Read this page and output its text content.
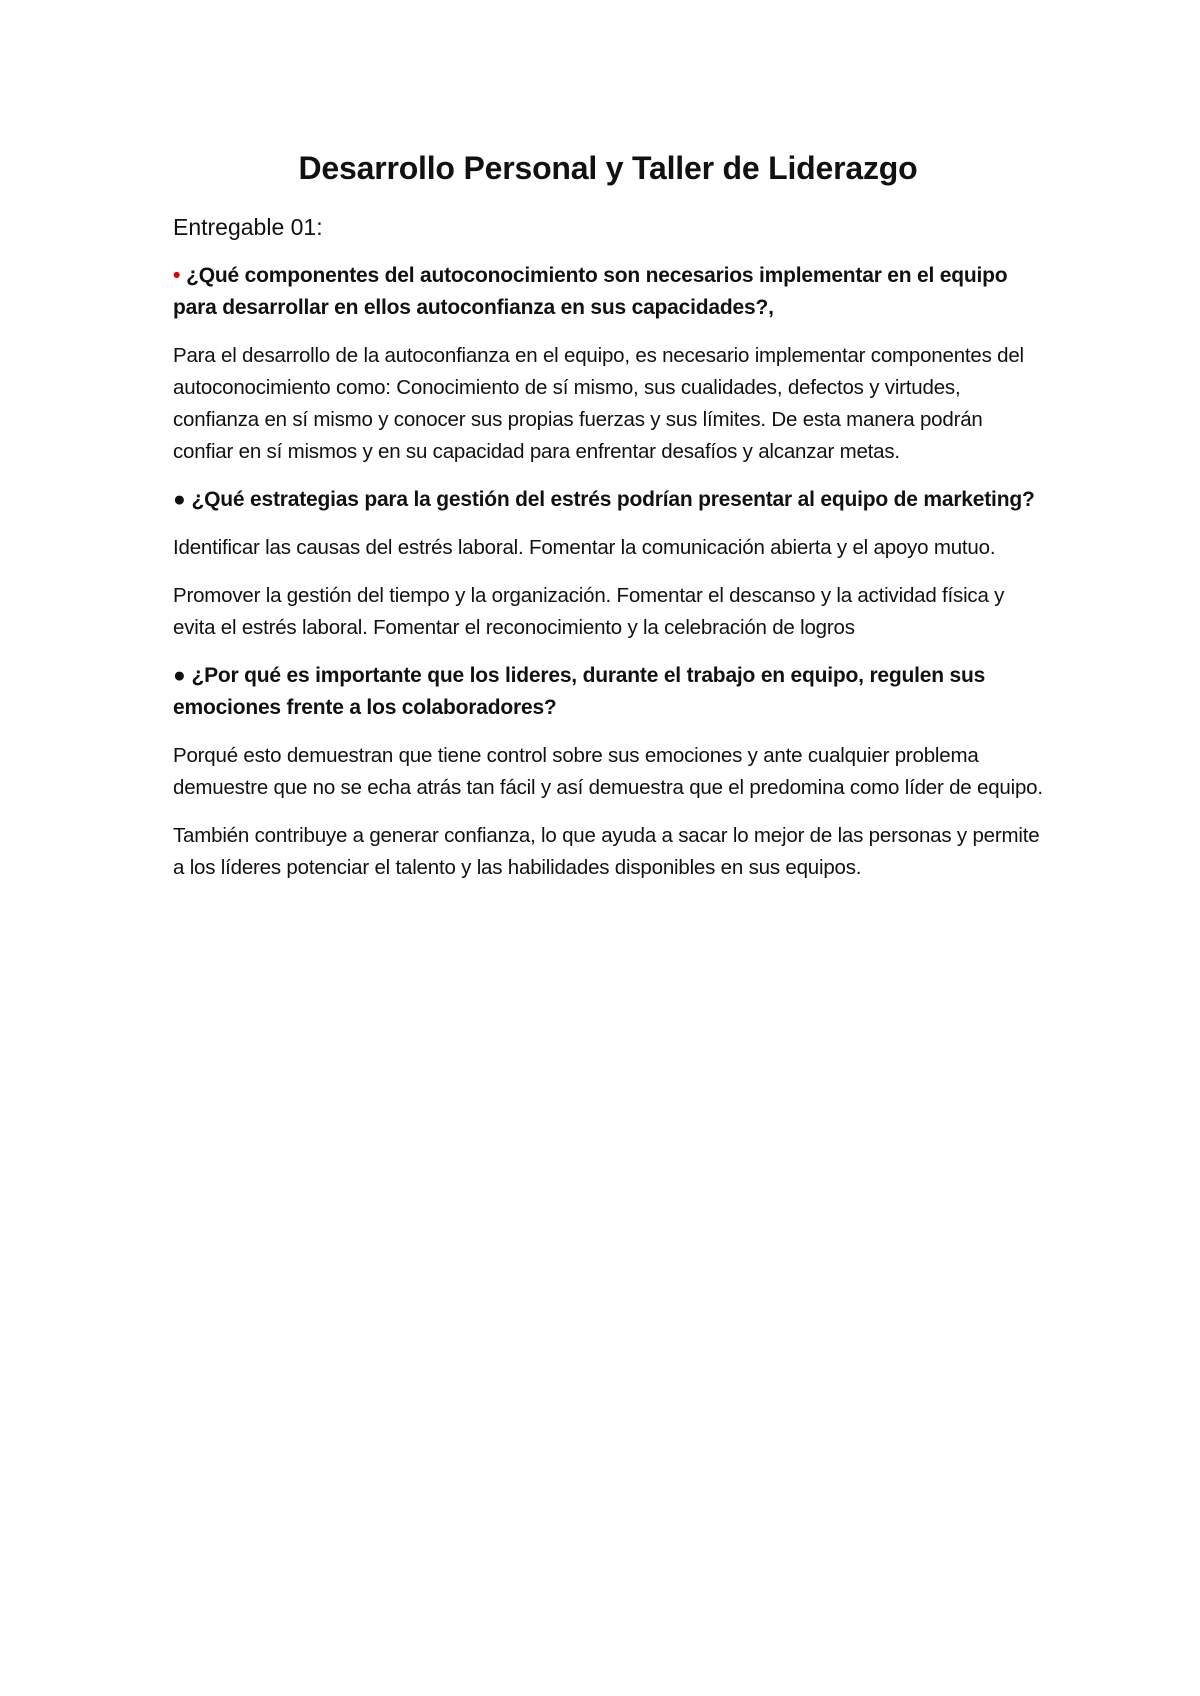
Desarrollo Personal y Taller de Liderazgo

Entregable 01:

• ¿Qué componentes del autoconocimiento son necesarios implementar en el equipo para desarrollar en ellos autoconfianza en sus capacidades?,

Para el desarrollo de la autoconfianza en el equipo, es necesario implementar componentes del autoconocimiento como: Conocimiento de sí mismo, sus cualidades, defectos y virtudes, confianza en sí mismo y conocer sus propias fuerzas y sus límites. De esta manera podrán confiar en sí mismos y en su capacidad para enfrentar desafíos y alcanzar metas.

● ¿Qué estrategias para la gestión del estrés podrían presentar al equipo de marketing?

Identificar las causas del estrés laboral. Fomentar la comunicación abierta y el apoyo mutuo.

Promover la gestión del tiempo y la organización. Fomentar el descanso y la actividad física y evita el estrés laboral. Fomentar el reconocimiento y la celebración de logros

● ¿Por qué es importante que los lideres, durante el trabajo en equipo, regulen sus emociones frente a los colaboradores?

Porqué esto demuestran que tiene control sobre sus emociones y ante cualquier problema demuestre que no se echa atrás tan fácil y así demuestra que el predomina como líder de equipo.

También contribuye a generar confianza, lo que ayuda a sacar lo mejor de las personas y permite a los líderes potenciar el talento y las habilidades disponibles en sus equipos.
